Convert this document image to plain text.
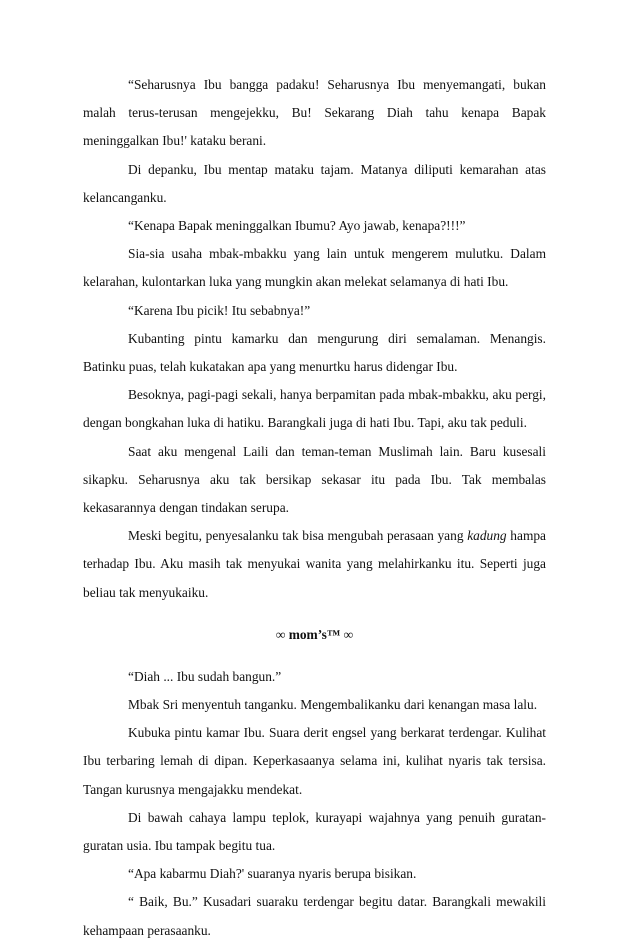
“Seharusnya Ibu bangga padaku! Seharusnya Ibu menyemangati, bukan malah terus-terusan mengejekku, Bu! Sekarang Diah tahu kenapa Bapak meninggalkan Ibu!' kataku berani.

Di depanku, Ibu mentap mataku tajam. Matanya diliputi kemarahan atas kelancanganku.

“Kenapa Bapak meninggalkan Ibumu? Ayo jawab, kenapa?!!!”

Sia-sia usaha mbak-mbakku yang lain untuk mengerem mulutku. Dalam kelarahan, kulontarkan luka yang mungkin akan melekat selamanya di hati Ibu.

“Karena Ibu picik! Itu sebabnya!”

Kubanting pintu kamarku dan mengurung diri semalaman. Menangis. Batinku puas, telah kukatakan apa yang menurtku harus didengar Ibu.

Besoknya, pagi-pagi sekali, hanya berpamitan pada mbak-mbakku, aku pergi, dengan bongkahan luka di hatiku. Barangkali juga di hati Ibu. Tapi, aku tak peduli.

Saat aku mengenal Laili dan teman-teman Muslimah lain. Baru kusesali sikapku. Seharusnya aku tak bersikap sekasar itu pada Ibu. Tak membalas kekasarannya dengan tindakan serupa.

Meski begitu, penyesalanku tak bisa mengubah perasaan yang kadung hampa terhadap Ibu. Aku masih tak menyukai wanita yang melahirkanku itu. Seperti juga beliau tak menyukaiku.

∞ mom’s™ ∞

“Diah ... Ibu sudah bangun.”

Mbak Sri menyentuh tanganku. Mengembalikanku dari kenangan masa lalu.

Kubuka pintu kamar Ibu. Suara derit engsel yang berkarat terdengar. Kulihat Ibu terbaring lemah di dipan. Keperkasaanya selama ini, kulihat nyaris tak tersisa. Tangan kurusnya mengajakku mendekat.

Di bawah cahaya lampu teplok, kurayapi wajahnya yang penuih guratan-guratan usia. Ibu tampak begitu tua.

“Apa kabarmu Diah?' suaranya nyaris berupa bisikan.

“ Baik, Bu.” Kusadari suaraku terdengar begitu datar. Barangkali mewakili kehampaan perasaanku.
